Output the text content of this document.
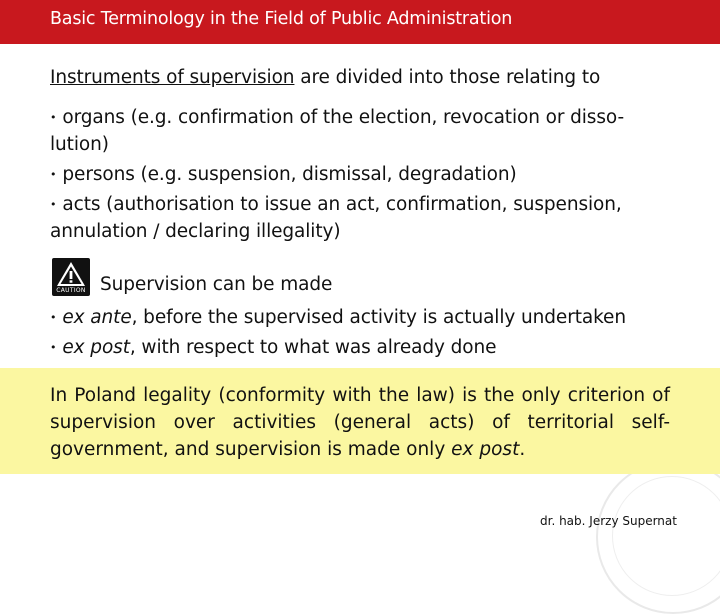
Basic Terminology in the Field of Public Administration
Instruments of supervision are divided into those relating to
• organs (e.g. confirmation of the election, revocation or disso-
lution)
• persons (e.g. suspension, dismissal, degradation)
• acts (authorisation to issue an act, confirmation, suspension,
annulation / declaring illegality)
CAUTION Supervision can be made
• ex ante, before the supervised activity is actually undertaken
• ex post, with respect to what was already done
In Poland legality (conformity with the law) is the only criterion of supervision over activities (general acts) of territorial self-government, and supervision is made only ex post.
dr. hab. Jerzy Supernat
